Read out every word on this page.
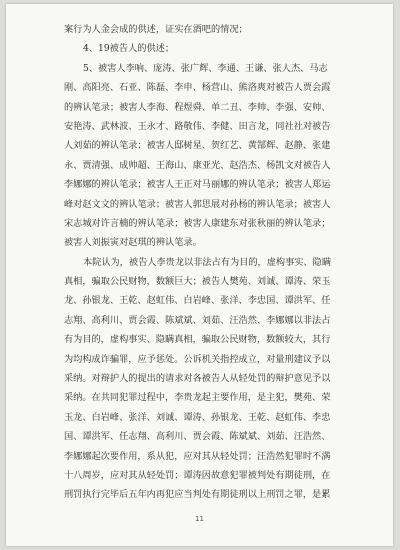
案行为人金会成的供述，证实在酒吧的情况；

4、19被告人的供述；

5、被害人李响、庞涛、张广辉、李通、王谦、张人杰、马志

刚、高阳亮、石亚、陈磊、李申、杨营山、熊洛爽对被告人贾会霞

的辨认笔录；被害人李海、程煜舜、单二丑、李帅、李强、安帅、

安艳涛、武林波、王永才、路敬伟、李健、田言龙，同社社对被告

人刘茹的辨认笔录；被害人邸树星、贺红艺、黄郜辉、赵静、张建

永、贾清强、成帅超、王海山、康亚光、赵浩杰、杨凯文对被告人

李娜娜的辨认笔录；被害人王正对马丽娜的辨认笔录；被害人郑运

峰对赵文文的辨认笔录；被害人郭思展对孙杨的辨认笔录；被害人

宋志城对许言楠的辨认笔录；被害人康建东对张秋丽的辨认笔录；

被害人刘振寅对赵琪的辨认笔录。

本院认为，被告人李贵龙以非法占有为目的，虚构事实、隐瞒

真相，骗取公民财物，数额巨大；被告人樊苑、刘诚、谭涛、荣玉

龙、孙银龙、王乾、赵虹伟、白岩峰、张洋、李忠国、谭洪军、任

志翔、高利川、贾会霞、陈斌斌、刘茹、汪浩然、李娜娜以非法占

有为目的，虚构事实、隐瞒真相，骗取公民财物，数额较大，其行

为均构成诈骗罪，应予惩处。公诉机关指控成立，对量刑建议予以

采纳。对辩护人的提出的请求对各被告人从轻处罚的辩护意见予以

采纳。在共同犯罪过程中，李贵龙起主要作用，是主犯，樊苑、荣

玉龙、白岩峰、张洋、刘诚、谭涛、孙银龙、王乾、赵虹伟、李忠

国、谭洪军、任志翔、高利川、贾会霞、陈斌斌、刘茹、汪浩然、

李娜娜起次要作用，系从犯，应对其从轻处罚；汪浩然犯罪时不满

十八周岁，应对其从轻处罚；谭涛因故意犯罪被判处有期徒刑，在

刑罚执行完毕后五年内再犯应当判处有期徒刑以上刑罚之罪，是累

11
